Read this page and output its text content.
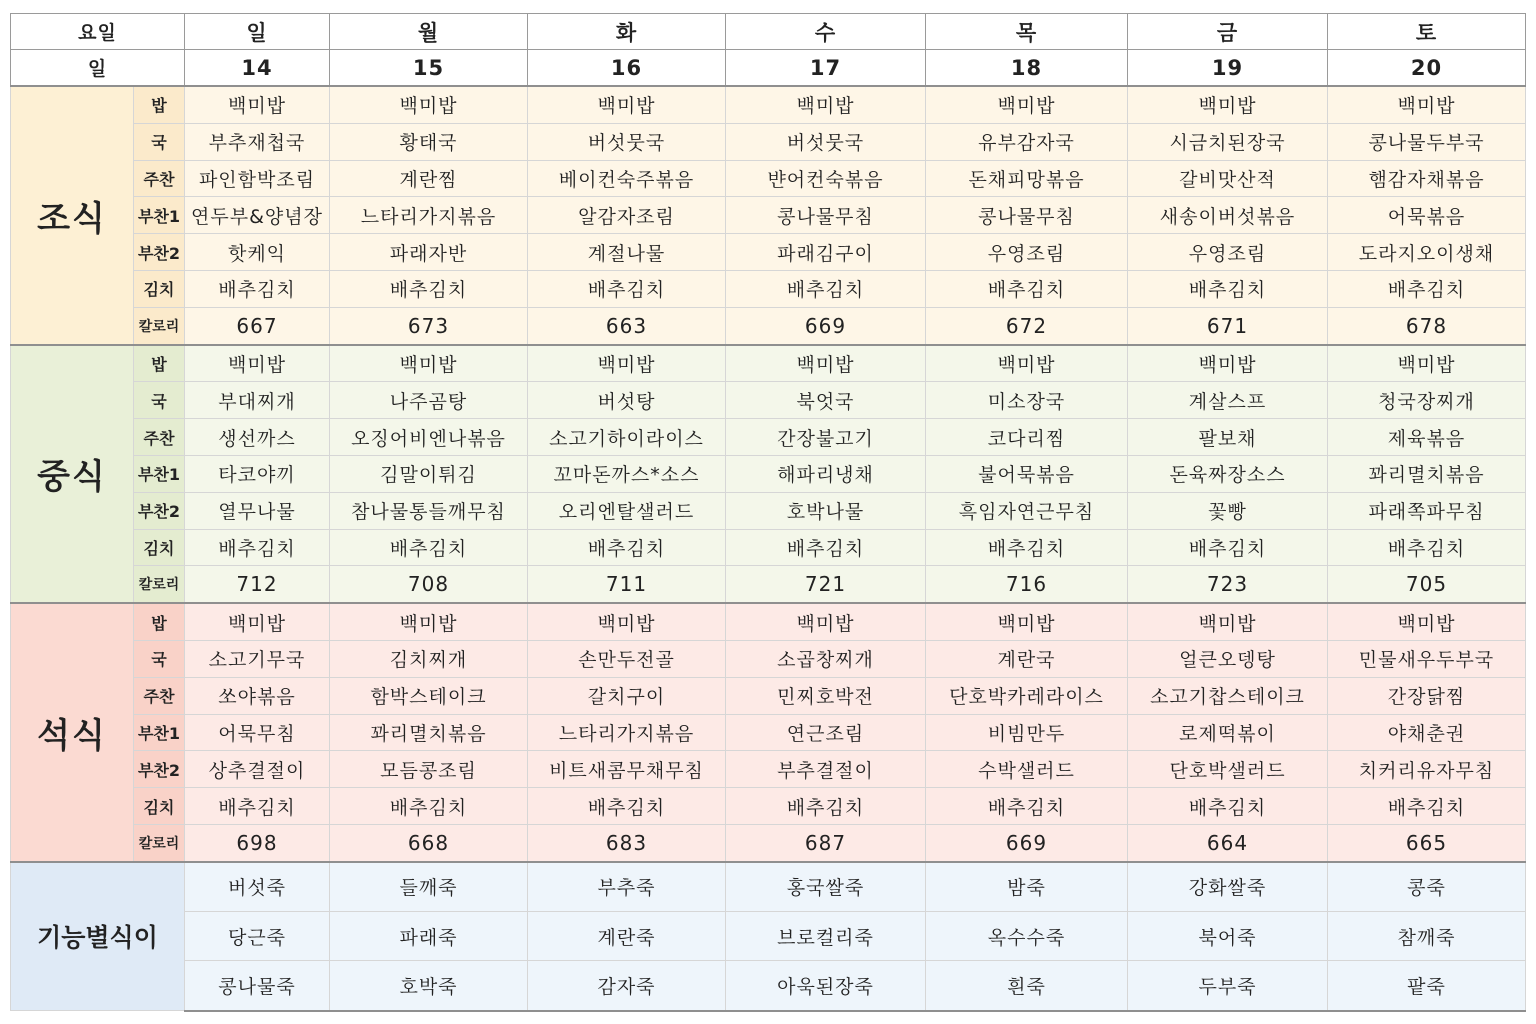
요일		일	월	화	수	목	금	토
일		14	15	16	17	18	19	20
조식	밥	백미밥	백미밥	백미밥	백미밥	백미밥	백미밥	백미밥
	국	부추재첩국	황태국	버섯뭇국	버섯뭇국	유부감자국	시금치된장국	콩나물두부국
	주찬	파인함박조림	계란찜	베이컨숙주볶음	뱐어컨숙볶음	돈채피망볶음	갈비맛산적	햄감자채볶음
	부찬1	연두부&양념장	느타리가지볶음	알감자조림	콩나물무침	콩나물무침	새송이버섯볶음	어묵볶음
	부찬2	핫케익	파래자반	계절나물	파래김구이	우영조림	우영조림	도라지오이생채
	김치	배추김치	배추김치	배추김치	배추김치	배추김치	배추김치	배추김치
	칼로리	667	673	663	669	672	671	678
중식	밥	백미밥	백미밥	백미밥	백미밥	백미밥	백미밥	백미밥
	국	부대찌개	나주곰탕	버섯탕	북엇국	미소장국	계살스프	청국장찌개
	주찬	생선까스	오징어비엔나볶음	소고기하이라이스	간장불고기	코다리찜	팔보채	제육볶음
	부찬1	타코야끼	김말이튀김	꼬마돈까스*소스	해파리냉채	불어묵볶음	돈육짜장소스	꽈리멸치볶음
	부찬2	열무나물	참나물통들깨무침	오리엔탈샐러드	호박나물	흑임자연근무침	꽃빵	파래쪽파무침
	김치	배추김치	배추김치	배추김치	배추김치	배추김치	배추김치	배추김치
	칼로리	712	708	711	721	716	723	705
석식	밥	백미밥	백미밥	백미밥	백미밥	백미밥	백미밥	백미밥
	국	소고기무국	김치찌개	손만두전골	소곱창찌개	계란국	얼큰오뎅탕	민물새우두부국
	주찬	쏘야볶음	함박스테이크	갈치구이	민찌호박전	단호박카레라이스	소고기찹스테이크	간장닭찜
	부찬1	어묵무침	꽈리멸치볶음	느타리가지볶음	연근조림	비빔만두	로제떡볶이	야채춘권
	부찬2	상추결절이	모듬콩조림	비트새콤무채무침	부추결절이	수박샐러드	단호박샐러드	치커리유자무침
	김치	배추김치	배추김치	배추김치	배추김치	배추김치	배추김치	배추김치
	칼로리	698	668	683	687	669	664	665
기능별식이		버섯죽	들깨죽	부추죽	홍국쌀죽	밤죽	강화쌀죽	콩죽
		당근죽	파래죽	계란죽	브로컬리죽	옥수수죽	북어죽	참깨죽
		콩나물죽	호박죽	감자죽	아욱된장죽	흰죽	두부죽	팥죽
